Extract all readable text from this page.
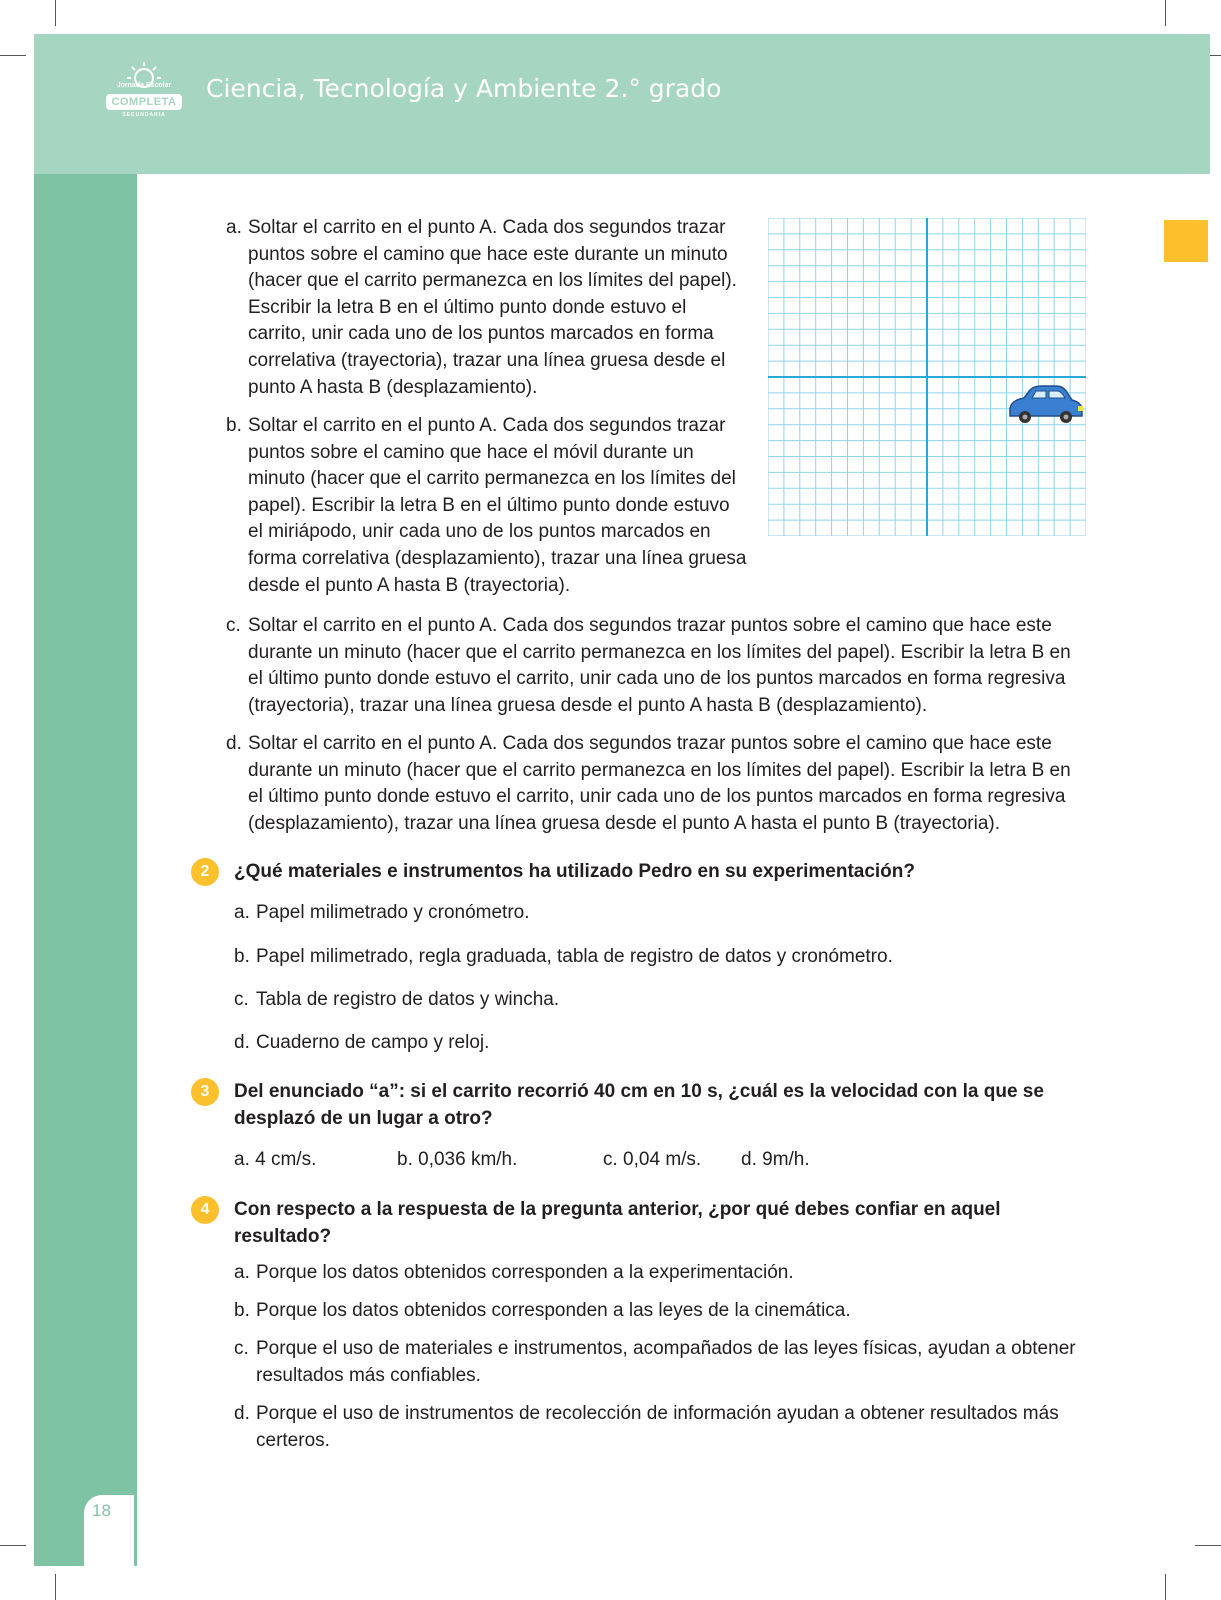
Jornada Escolar
COMPLETA
SECUNDARIA
Ciencia, Tecnología y Ambiente 2.° grado
18
a. Soltar el carrito en el punto A. Cada dos segundos trazar puntos sobre el camino que hace este durante un minuto (hacer que el carrito permanezca en los límites del papel). Escribir la letra B en el último punto donde estuvo el carrito, unir cada uno de los puntos marcados en forma correlativa (trayectoria), trazar una línea gruesa desde el punto A hasta B (desplazamiento).
b. Soltar el carrito en el punto A. Cada dos segundos trazar puntos sobre el camino que hace el móvil durante un minuto (hacer que el carrito permanezca en los límites del papel). Escribir la letra B en el último punto donde estuvo el miriápodo, unir cada uno de los puntos marcados en forma correlativa (desplazamiento), trazar una línea gruesa desde el punto A hasta B (trayectoria).
c. Soltar el carrito en el punto A. Cada dos segundos trazar puntos sobre el camino que hace este durante un minuto (hacer que el carrito permanezca en los límites del papel). Escribir la letra B en el último punto donde estuvo el carrito, unir cada uno de los puntos marcados en forma regresiva (trayectoria), trazar una línea gruesa desde el punto A hasta B (desplazamiento).
d. Soltar el carrito en el punto A. Cada dos segundos trazar puntos sobre el camino que hace este durante un minuto (hacer que el carrito permanezca en los límites del papel). Escribir la letra B en el último punto donde estuvo el carrito, unir cada uno de los puntos marcados en forma regresiva (desplazamiento), trazar una línea gruesa desde el punto A hasta el punto B (trayectoria).
2	¿Qué materiales e instrumentos ha utilizado Pedro en su experimentación?

a. Papel milimetrado y cronómetro.
b. Papel milimetrado, regla graduada, tabla de registro de datos y cronómetro.
c. Tabla de registro de datos y wincha.
d. Cuaderno de campo y reloj.
3	Del enunciado “a”: si el carrito recorrió 40 cm en 10 s, ¿cuál es la velocidad con la que se desplazó de un lugar a otro?

a. 4 cm/s.	b. 0,036 km/h.	c. 0,04 m/s. d. 9m/h.
4	Con respecto a la respuesta de la pregunta anterior, ¿por qué debes confiar en aquel resultado?

a. Porque los datos obtenidos corresponden a la experimentación.
b. Porque los datos obtenidos corresponden a las leyes de la cinemática.
c. Porque el uso de materiales e instrumentos, acompañados de las leyes físicas, ayudan a obtener resultados más confiables.
d. Porque el uso de instrumentos de recolección de información ayudan a obtener resultados más certeros.
